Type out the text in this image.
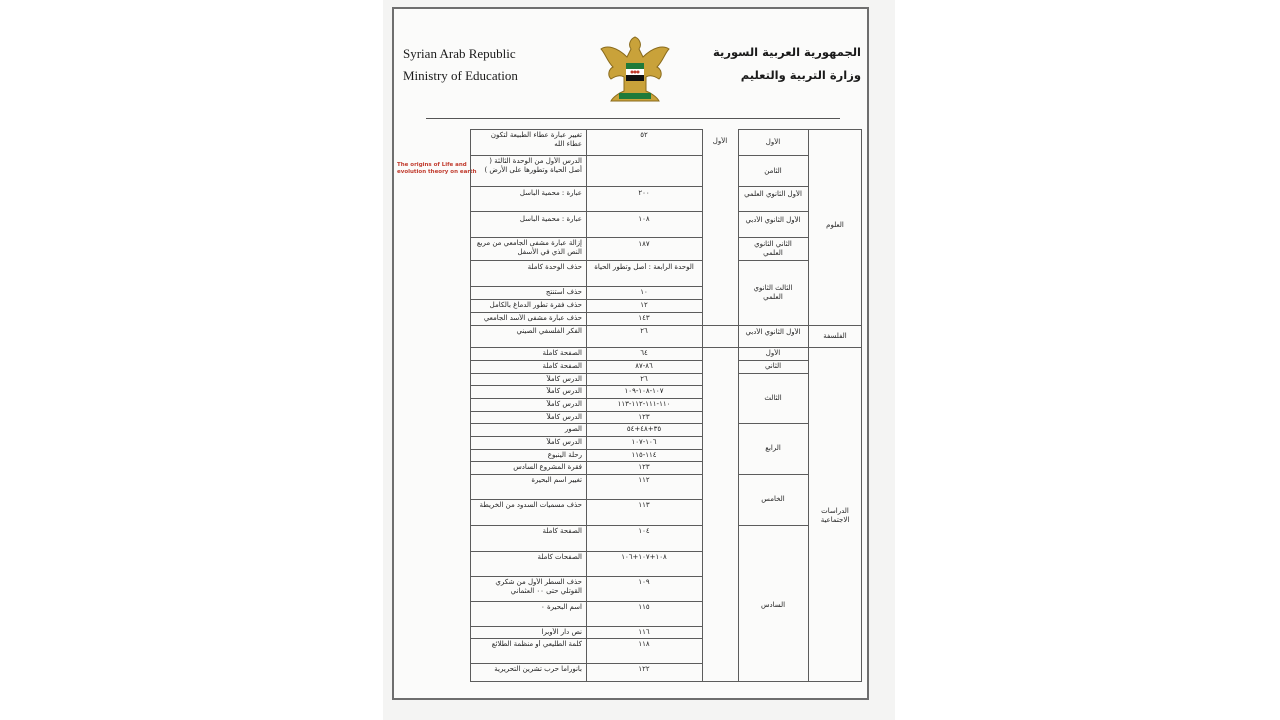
Syrian Arab Republic
Ministry of Education
الجمهورية العربية السورية
وزارة التربية والتعليم
The origins of Life and evolution theory on earth
العلوم
الفلسفة
الدراسات الاجتماعية
الأول
الثامن
الأول الثانوي العلمي
الأول الثانوي الأدبي
الثاني الثانوي العلمي
الثالث الثانوي العلمي
الأول الثانوي الأدبي
الأول
الثاني
الثالث
الرابع
الخامس
السادس
الأول
٥٢
٢٠٠
١٠٨
١٨٧
الوحدة الرابعة : أصل وتطور الحياة
١٠
١٢
١٤٣
٢٦
٦٤
٨٦-٨٧
٢٦
١٠٧-١٠٨-١٠٩
١١٠-١١١-١١٢-١١٣
١٢٣
٣٥+٤٨+٥٤
١٠٦-١٠٧
١١٤-١١٥
١٢٣
١١٢
١١٣
١٠٤
١٠٨+١٠٧+١٠٦
١٠٩
١١٥
١١٦
١١٨
١٢٢
تغيير عبارة عطاء الطبيعة لتكون عطاء الله
الدرس الأول من الوحدة الثالثة ( أصل الحياة وتطورها على الأرض )
عبارة : محمية الباسل
عبارة : محمية الباسل
إزالة عبارة مشفى الجامعي من مربع النص الذي في الأسفل
حذف الوحدة كاملة
حذف أستنتج
حذف فقرة تطور الدماغ بالكامل
حذف عبارة مشفى الأسد الجامعي
الفكر الفلسفي الصيني
الصفحة كاملة
الصفحة كاملة
الدرس كاملاً
الدرس كاملاً
الدرس كاملاً
الدرس كاملاً
الصور
الدرس كاملاً
رحلة الينبوع
فقرة المشروع السادس
تغيير اسم البحيرة
حذف مسميات السدود من الخريطة
الصفحة كاملة
الصفحات كاملة
حذف السطر الأول من شكري القوتلي حتى ٠٠ العثماني
اسم البحيرة ٠
نص دار الأوبرا
كلمة الطليعي أو منظمة الطلائع
بانوراما حرب تشرين التحريرية
